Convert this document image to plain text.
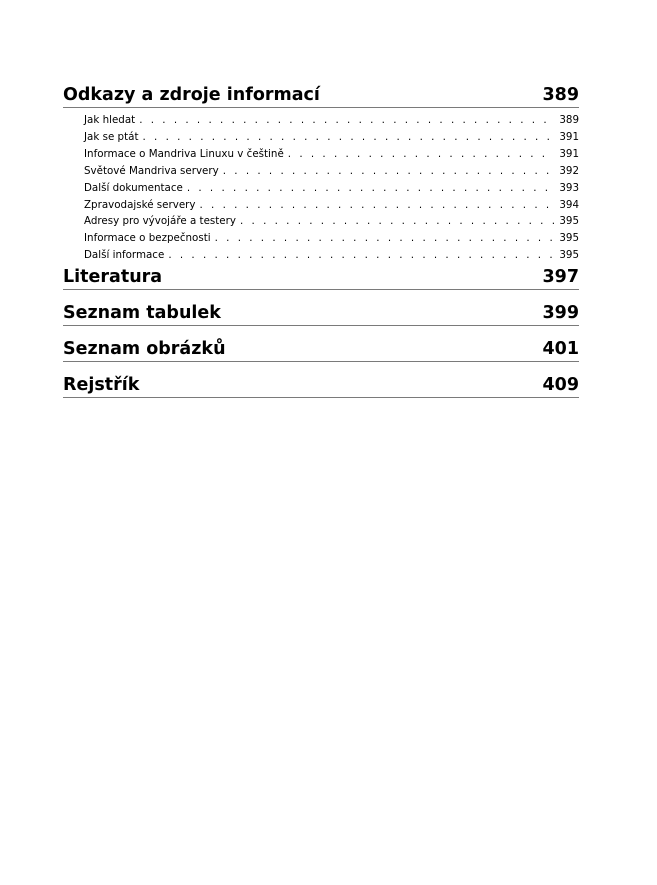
Odkazy a zdroje informací	389
Jak hledat . . .	389
Jak se ptát . . .	391
Informace o Mandriva Linuxu v češtině . . .	391
Světové Mandriva servery . . .	392
Další dokumentace . . .	393
Zpravodajské servery . . .	394
Adresy pro vývojáře a testery . . .	395
Informace o bezpečnosti . . .	395
Další informace . . .	395
Literatura	397
Seznam tabulek	399
Seznam obrázků	401
Rejstřík	409
